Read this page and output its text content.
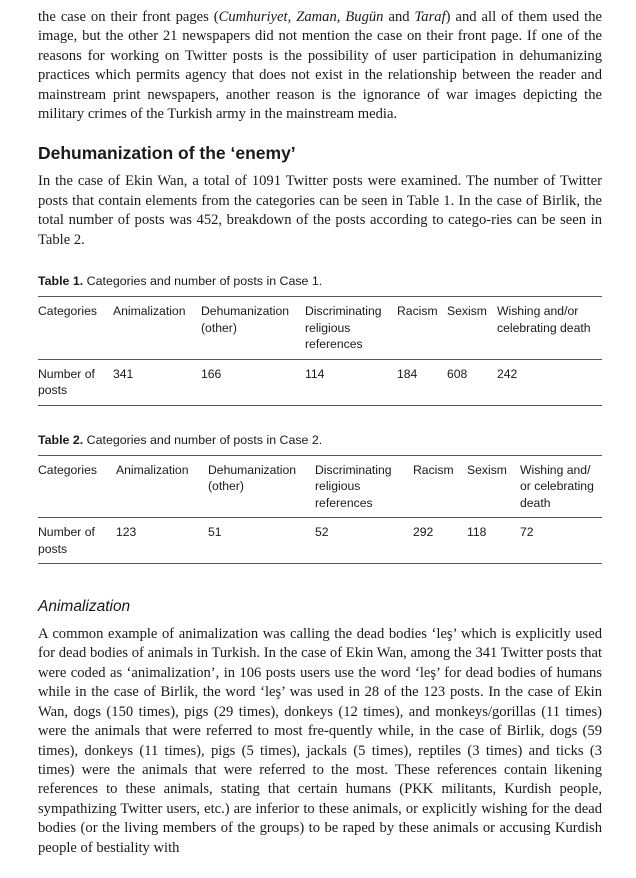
the case on their front pages (Cumhuriyet, Zaman, Bugün and Taraf) and all of them used the image, but the other 21 newspapers did not mention the case on their front page. If one of the reasons for working on Twitter posts is the possibility of user participation in dehumanizing practices which permits agency that does not exist in the relationship between the reader and mainstream print newspapers, another reason is the ignorance of war images depicting the military crimes of the Turkish army in the mainstream media.

Dehumanization of the ‘enemy’

In the case of Ekin Wan, a total of 1091 Twitter posts were examined. The number of Twitter posts that contain elements from the categories can be seen in Table 1. In the case of Birlik, the total number of posts was 452, breakdown of the posts according to catego-ries can be seen in Table 2.

Table 1. Categories and number of posts in Case 1.

Categories	Animalization	Dehumanization (other)	Discriminating religious references	Racism	Sexism	Wishing and/or celebrating death
Number of posts	341	166	114	184	608	242

Table 2. Categories and number of posts in Case 2.

Categories	Animalization	Dehumanization (other)	Discriminating religious references	Racism	Sexism	Wishing and/ or celebrating death
Number of posts	123	51	52	292	118	72
Animalization

A common example of animalization was calling the dead bodies ‘leş’ which is explicitly used for dead bodies of animals in Turkish. In the case of Ekin Wan, among the 341 Twitter posts that were coded as ‘animalization’, in 106 posts users use the word ‘leş’ for dead bodies of humans while in the case of Birlik, the word ‘leş’ was used in 28 of the 123 posts. In the case of Ekin Wan, dogs (150 times), pigs (29 times), donkeys (12 times), and monkeys/gorillas (11 times) were the animals that were referred to most fre-quently while, in the case of Birlik, dogs (59 times), donkeys (11 times), pigs (5 times), jackals (5 times), reptiles (3 times) and ticks (3 times) were the animals that were referred to the most. These references contain likening references to these animals, stating that certain humans (PKK militants, Kurdish people, sympathizing Twitter users, etc.) are inferior to these animals, or explicitly wishing for the dead bodies (or the living members of the groups) to be raped by these animals or accusing Kurdish people of bestiality with
